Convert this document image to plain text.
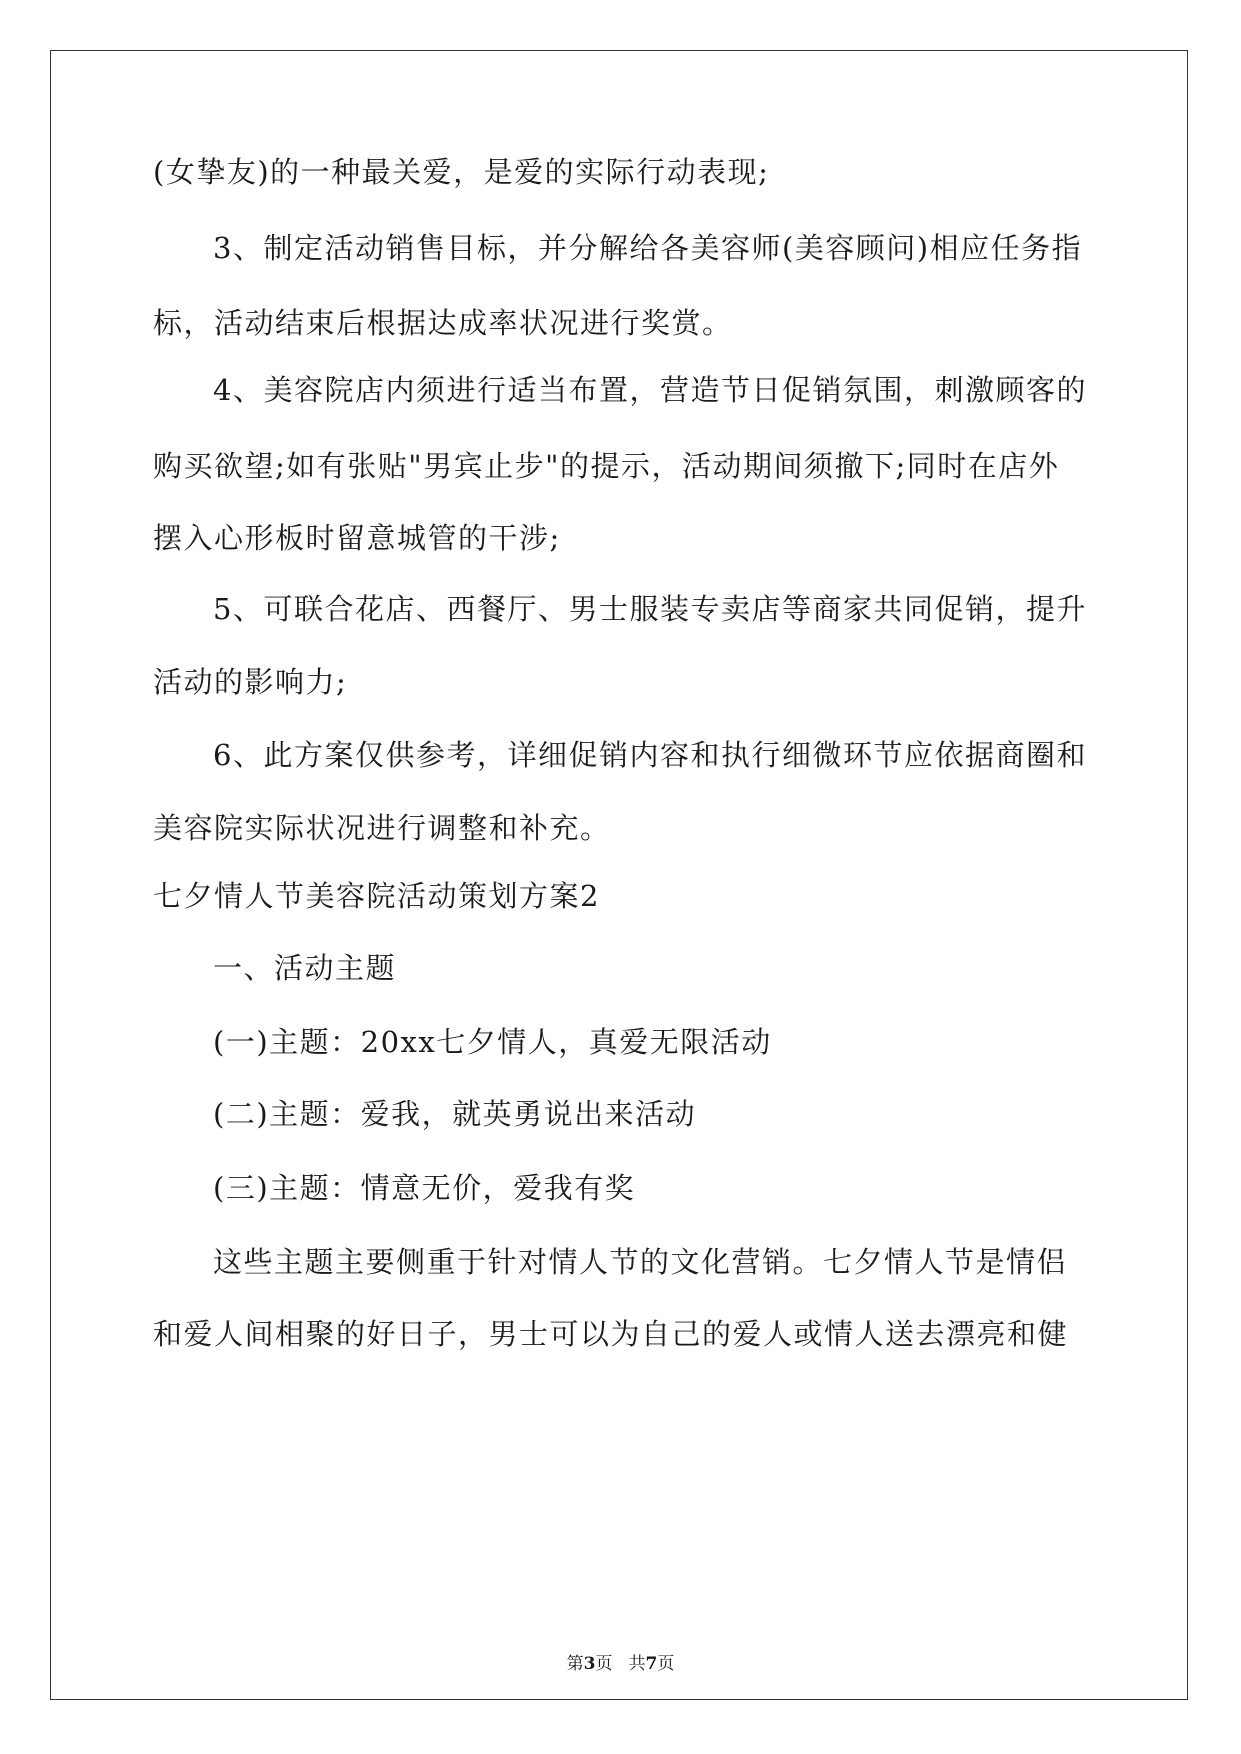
(女挚友)的一种最关爱，是爱的实际行动表现;
3、制定活动销售目标，并分解给各美容师(美容顾问)相应任务指
标，活动结束后根据达成率状况进行奖赏。
4、美容院店内须进行适当布置，营造节日促销氛围，刺激顾客的
购买欲望;如有张贴"男宾止步"的提示，活动期间须撤下;同时在店外
摆入心形板时留意城管的干涉;
5、可联合花店、西餐厅、男士服装专卖店等商家共同促销，提升
活动的影响力;
6、此方案仅供参考，详细促销内容和执行细微环节应依据商圈和
美容院实际状况进行调整和补充。
七夕情人节美容院活动策划方案2
一、活动主题
(一)主题：20xx七夕情人，真爱无限活动
(二)主题：爱我，就英勇说出来活动
(三)主题：情意无价，爱我有奖
这些主题主要侧重于针对情人节的文化营销。七夕情人节是情侣
和爱人间相聚的好日子，男士可以为自己的爱人或情人送去漂亮和健
第3页 共7页
